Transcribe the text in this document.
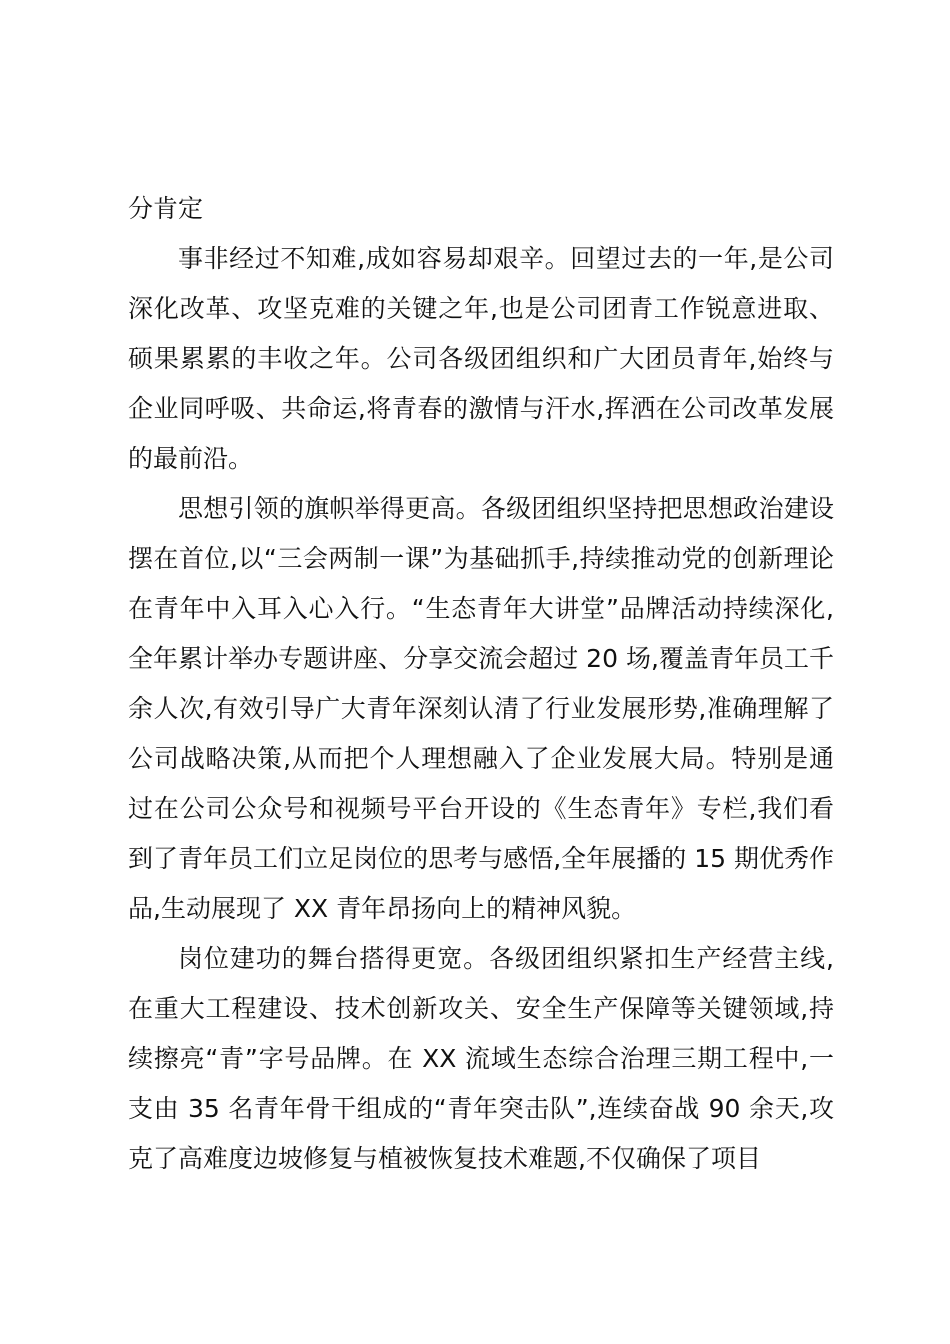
分肯定

事非经过不知难,成如容易却艰辛。回望过去的一年,是公司深化改革、攻坚克难的关键之年,也是公司团青工作锐意进取、硕果累累的丰收之年。公司各级团组织和广大团员青年,始终与企业同呼吸、共命运,将青春的激情与汗水,挥洒在公司改革发展的最前沿。

思想引领的旗帜举得更高。各级团组织坚持把思想政治建设摆在首位,以“三会两制一课”为基础抓手,持续推动党的创新理论在青年中入耳入心入行。“生态青年大讲堂”品牌活动持续深化,全年累计举办专题讲座、分享交流会超过 20 场,覆盖青年员工千余人次,有效引导广大青年深刻认清了行业发展形势,准确理解了公司战略决策,从而把个人理想融入了企业发展大局。特别是通过在公司公众号和视频号平台开设的《生态青年》专栏,我们看到了青年员工们立足岗位的思考与感悟,全年展播的 15 期优秀作品,生动展现了 XX 青年昂扬向上的精神风貌。

岗位建功的舞台搭得更宽。各级团组织紧扣生产经营主线,在重大工程建设、技术创新攻关、安全生产保障等关键领域,持续擦亮“青”字号品牌。在 XX 流域生态综合治理三期工程中,一支由 35 名青年骨干组成的“青年突击队”,连续奋战 90 余天,攻克了高难度边坡修复与植被恢复技术难题,不仅确保了项目
